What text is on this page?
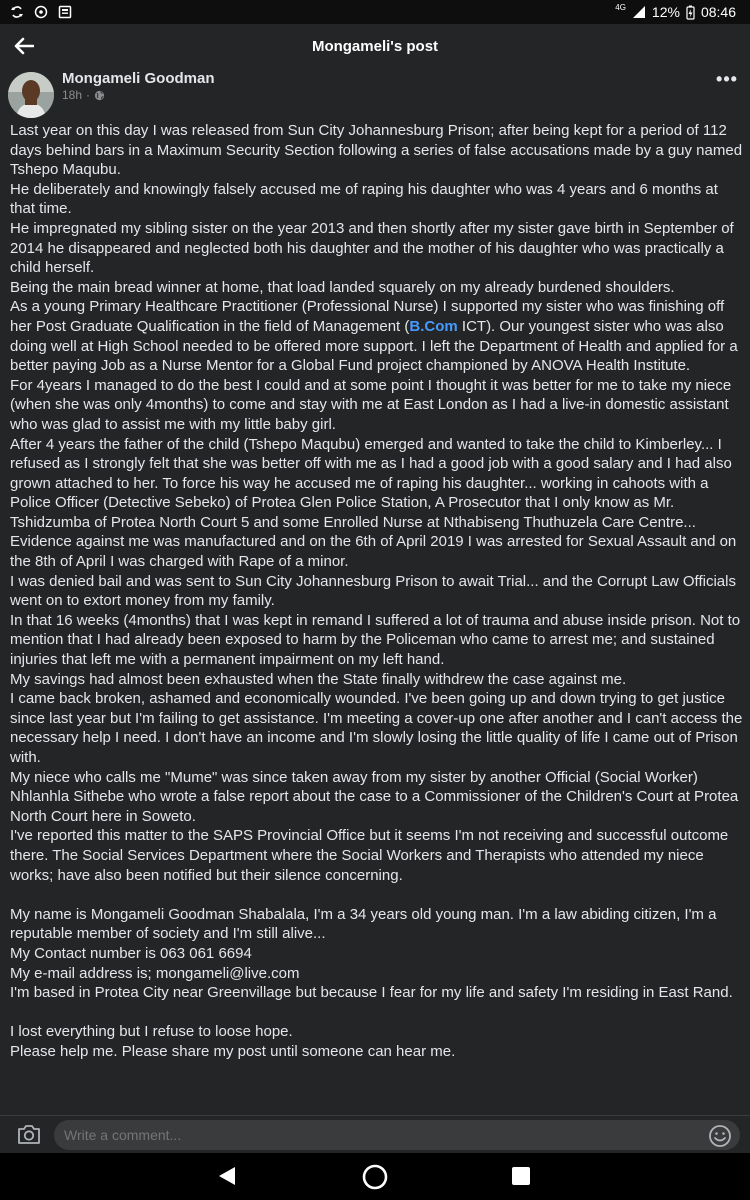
4G 12% 08:46
Mongameli's post
Mongameli Goodman
18h ·
•••

Last year on this day I was released from Sun City Johannesburg Prison; after being kept for a period of 112 days behind bars in a Maximum Security Section following a series of false accusations made by a guy named Tshepo Maqubu.

He deliberately and knowingly falsely accused me of raping his daughter who was 4 years and 6 months at that time.

He impregnated my sibling sister on the year 2013 and then shortly after my sister gave birth in September of 2014 he disappeared and neglected both his daughter and the mother of his daughter who was practically a child herself.

Being the main bread winner at home, that load landed squarely on my already burdened shoulders.

As a young Primary Healthcare Practitioner (Professional Nurse) I supported my sister who was finishing off her Post Graduate Qualification in the field of Management (B.Com ICT). Our youngest sister who was also doing well at High School needed to be offered more support. I left the Department of Health and applied for a better paying Job as a Nurse Mentor for a Global Fund project championed by ANOVA Health Institute.

For 4years I managed to do the best I could and at some point I thought it was better for me to take my niece (when she was only 4months) to come and stay with me at East London as I had a live-in domestic assistant who was glad to assist me with my little baby girl.

After 4 years the father of the child (Tshepo Maqubu) emerged and wanted to take the child to Kimberley... I refused as I strongly felt that she was better off with me as I had a good job with a good salary and I had also grown attached to her. To force his way he accused me of raping his daughter... working in cahoots with a Police Officer (Detective Sebeko) of Protea Glen Police Station, A Prosecutor that I only know as Mr. Tshidzumba of Protea North Court 5 and some Enrolled Nurse at Nthabiseng Thuthuzela Care Centre... Evidence against me was manufactured and on the 6th of April 2019 I was arrested for Sexual Assault and on the 8th of April I was charged with Rape of a minor.

I was denied bail and was sent to Sun City Johannesburg Prison to await Trial... and the Corrupt Law Officials went on to extort money from my family.

In that 16 weeks (4months) that I was kept in remand I suffered a lot of trauma and abuse inside prison. Not to mention that I had already been exposed to harm by the Policeman who came to arrest me; and sustained injuries that left me with a permanent impairment on my left hand.

My savings had almost been exhausted when the State finally withdrew the case against me.

I came back broken, ashamed and economically wounded. I've been going up and down trying to get justice since last year but I'm failing to get assistance. I'm meeting a cover-up one after another and I can't access the necessary help I need. I don't have an income and I'm slowly losing the little quality of life I came out of Prison with.

My niece who calls me "Mume" was since taken away from my sister by another Official (Social Worker) Nhlanhla Sithebe who wrote a false report about the case to a Commissioner of the Children's Court at Protea North Court here in Soweto.

I've reported this matter to the SAPS Provincial Office but it seems I'm not receiving and successful outcome there. The Social Services Department where the Social Workers and Therapists who attended my niece works; have also been notified but their silence concerning.

My name is Mongameli Goodman Shabalala, I'm a 34 years old young man. I'm a law abiding citizen, I'm a reputable member of society and I'm still alive...

My Contact number is 063 061 6694

My e-mail address is; mongameli@live.com

I'm based in Protea City near Greenvillage but because I fear for my life and safety I'm residing in East Rand.

I lost everything but I refuse to loose hope.

Please help me. Please share my post until someone can hear me.

Write a comment...
